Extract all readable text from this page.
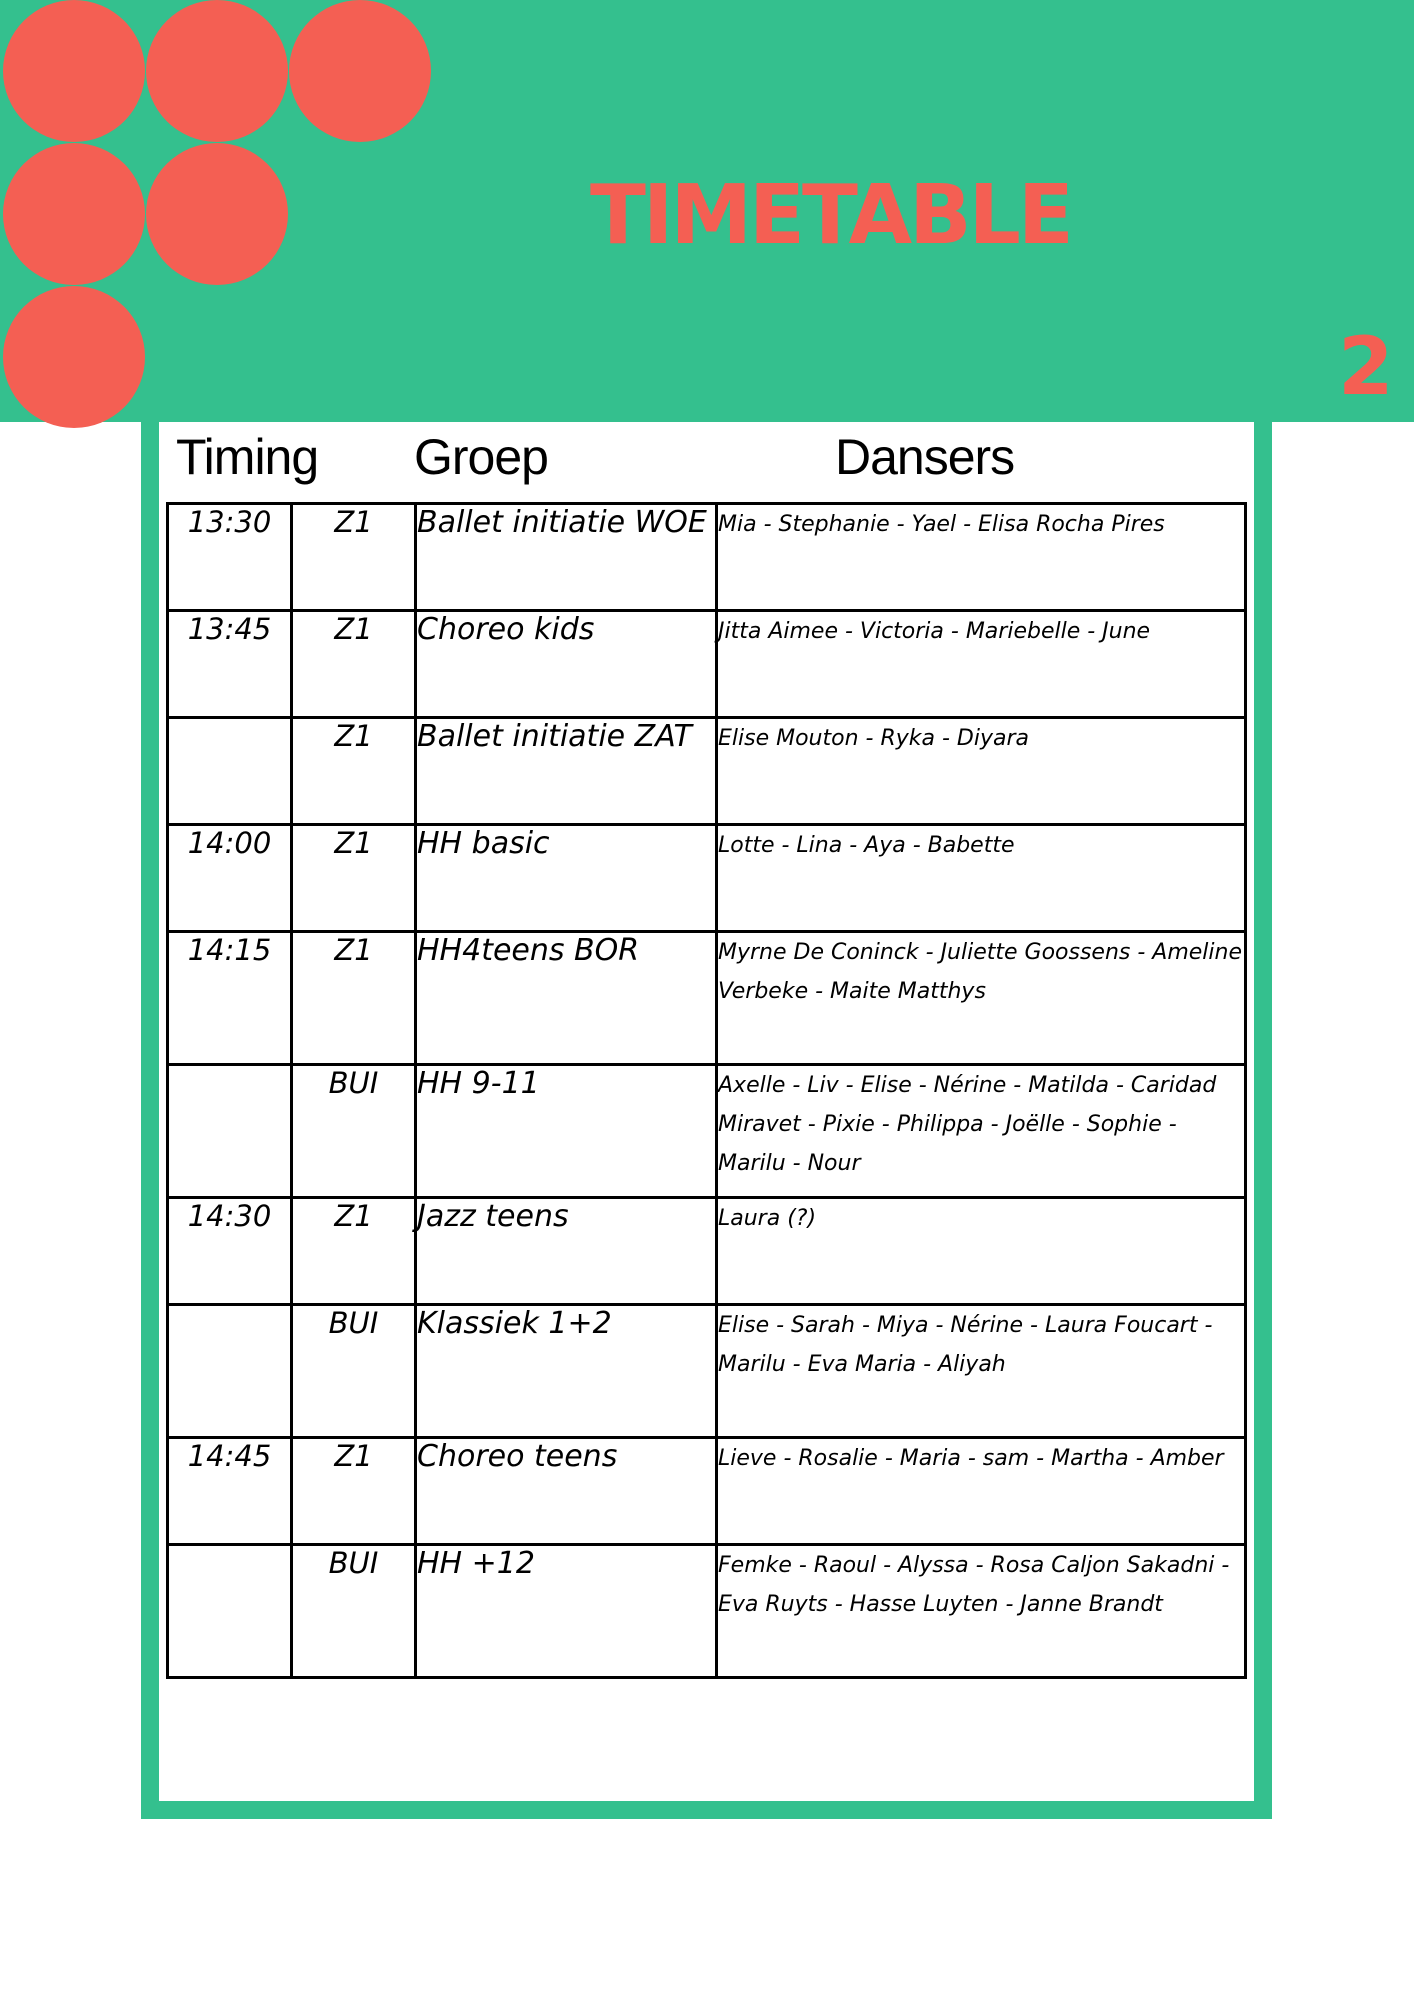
TIMETABLE
2
Timing Groep	Dansers
13:30	Z1	Ballet initiatie WOE	Mia - Stephanie - Yael - Elisa Rocha Pires
13:45	Z1	Choreo kids	Jitta Aimee - Victoria - Mariebelle - June
	Z1	Ballet initiatie ZAT	Elise Mouton - Ryka - Diyara
14:00	Z1	HH basic	Lotte - Lina - Aya - Babette
14:15	Z1	HH4teens BOR	Myrne De Coninck - Juliette Goossens - Ameline Verbeke - Maite Matthys
	BUI	HH 9-11	Axelle - Liv - Elise - Nérine - Matilda - Caridad Miravet - Pixie - Philippa - Joëlle - Sophie - Marilu - Nour
14:30	Z1	Jazz teens	Laura (?)
	BUI	Klassiek 1+2	Elise - Sarah - Miya - Nérine - Laura Foucart - Marilu - Eva Maria - Aliyah
14:45	Z1	Choreo teens	Lieve - Rosalie - Maria - sam - Martha - Amber
	BUI	HH +12	Femke - Raoul - Alyssa - Rosa Caljon Sakadni - Eva Ruyts - Hasse Luyten - Janne Brandt
